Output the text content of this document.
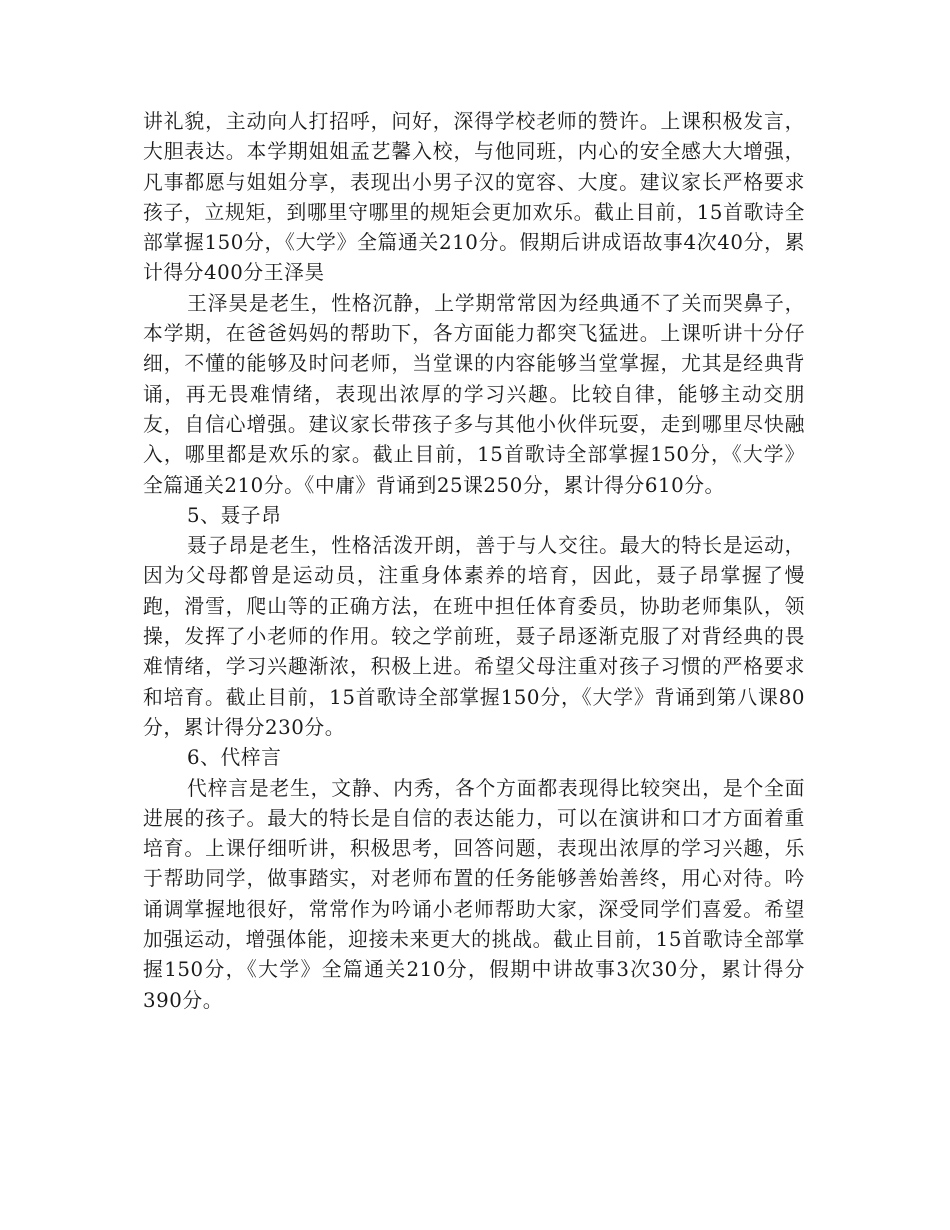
讲礼貌，主动向人打招呼，问好，深得学校老师的赞许。上课积极发言，大胆表达。本学期姐姐孟艺馨入校，与他同班，内心的安全感大大增强，凡事都愿与姐姐分享，表现出小男子汉的宽容、大度。建议家长严格要求孩子，立规矩，到哪里守哪里的规矩会更加欢乐。截止目前，15首歌诗全部掌握150分，《大学》全篇通关210分。假期后讲成语故事4次40分，累计得分400分王泽昊

王泽昊是老生，性格沉静，上学期常常因为经典通不了关而哭鼻子，本学期，在爸爸妈妈的帮助下，各方面能力都突飞猛进。上课听讲十分仔细，不懂的能够及时问老师，当堂课的内容能够当堂掌握，尤其是经典背诵，再无畏难情绪，表现出浓厚的学习兴趣。比较自律，能够主动交朋友，自信心增强。建议家长带孩子多与其他小伙伴玩耍，走到哪里尽快融入，哪里都是欢乐的家。截止目前，15首歌诗全部掌握150分，《大学》全篇通关210分。《中庸》背诵到25课250分，累计得分610分。

5、聂子昂

聂子昂是老生，性格活泼开朗，善于与人交往。最大的特长是运动，因为父母都曾是运动员，注重身体素养的培育，因此，聂子昂掌握了慢跑，滑雪，爬山等的正确方法，在班中担任体育委员，协助老师集队，领操，发挥了小老师的作用。较之学前班，聂子昂逐渐克服了对背经典的畏难情绪，学习兴趣渐浓，积极上进。希望父母注重对孩子习惯的严格要求和培育。截止目前，15首歌诗全部掌握150分，《大学》背诵到第八课80分，累计得分230分。

6、代梓言

代梓言是老生，文静、内秀，各个方面都表现得比较突出，是个全面进展的孩子。最大的特长是自信的表达能力，可以在演讲和口才方面着重培育。上课仔细听讲，积极思考，回答问题，表现出浓厚的学习兴趣，乐于帮助同学，做事踏实，对老师布置的任务能够善始善终，用心对待。吟诵调掌握地很好，常常作为吟诵小老师帮助大家，深受同学们喜爱。希望加强运动，增强体能，迎接未来更大的挑战。截止目前，15首歌诗全部掌握150分，《大学》全篇通关210分，假期中讲故事3次30分，累计得分390分。
